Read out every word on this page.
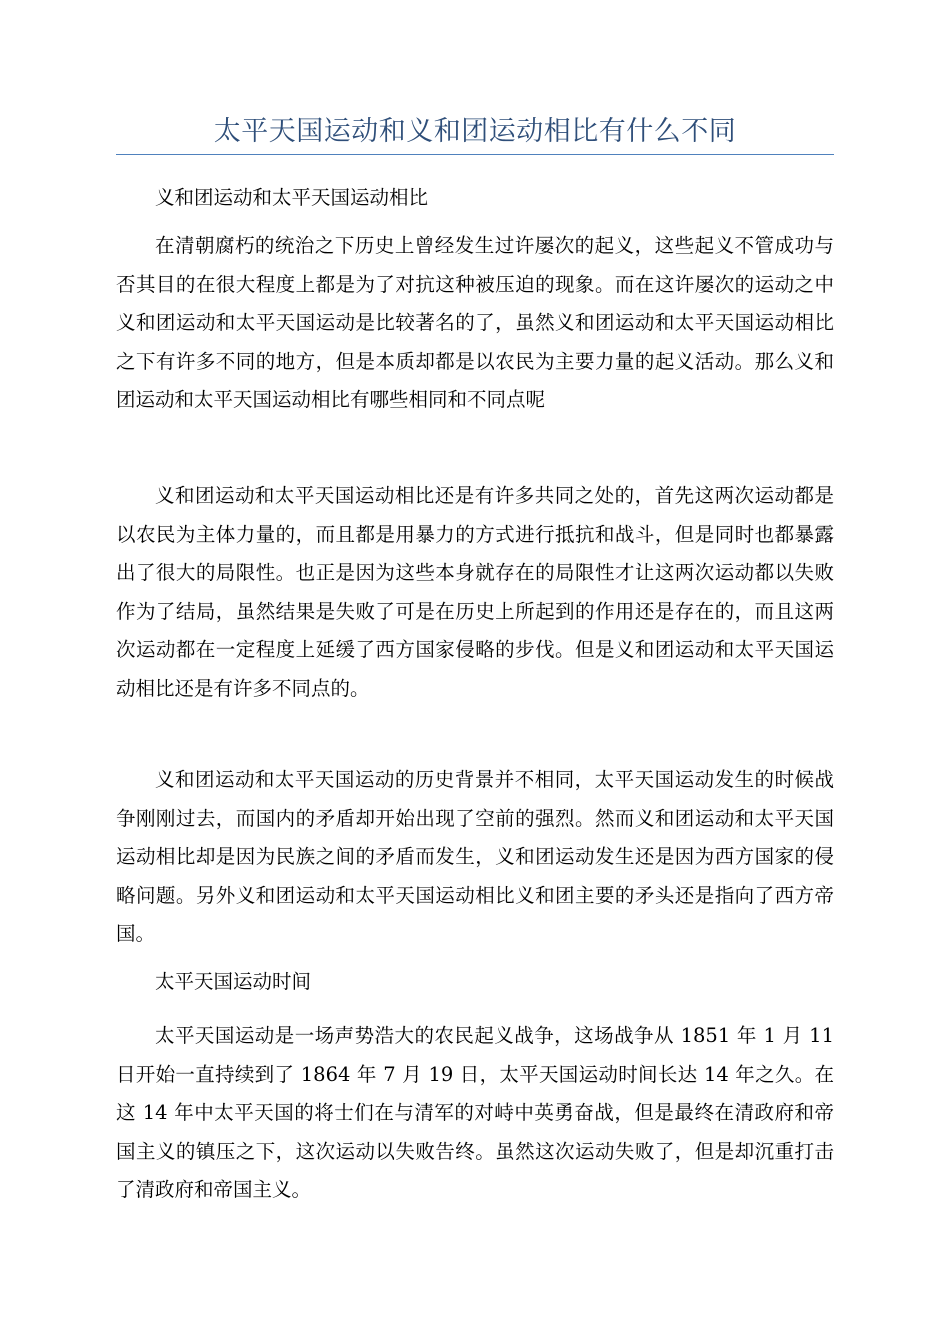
太平天国运动和义和团运动相比有什么不同

义和团运动和太平天国运动相比

在清朝腐朽的统治之下历史上曾经发生过许屡次的起义，这些起义不管成功与否其目的在很大程度上都是为了对抗这种被压迫的现象。而在这许屡次的运动之中义和团运动和太平天国运动是比较著名的了，虽然义和团运动和太平天国运动相比之下有许多不同的地方，但是本质却都是以农民为主要力量的起义活动。那么义和团运动和太平天国运动相比有哪些相同和不同点呢

义和团运动和太平天国运动相比还是有许多共同之处的，首先这两次运动都是以农民为主体力量的，而且都是用暴力的方式进行抵抗和战斗，但是同时也都暴露出了很大的局限性。也正是因为这些本身就存在的局限性才让这两次运动都以失败作为了结局，虽然结果是失败了可是在历史上所起到的作用还是存在的，而且这两次运动都在一定程度上延缓了西方国家侵略的步伐。但是义和团运动和太平天国运动相比还是有许多不同点的。

义和团运动和太平天国运动的历史背景并不相同，太平天国运动发生的时候战争刚刚过去，而国内的矛盾却开始出现了空前的强烈。然而义和团运动和太平天国运动相比却是因为民族之间的矛盾而发生，义和团运动发生还是因为西方国家的侵略问题。另外义和团运动和太平天国运动相比义和团主要的矛头还是指向了西方帝国。

太平天国运动时间

太平天国运动是一场声势浩大的农民起义战争，这场战争从 1851 年 1 月 11 日开始一直持续到了 1864 年 7 月 19 日，太平天国运动时间长达 14 年之久。在这 14 年中太平天国的将士们在与清军的对峙中英勇奋战，但是最终在清政府和帝国主义的镇压之下，这次运动以失败告终。虽然这次运动失败了，但是却沉重打击了清政府和帝国主义。
